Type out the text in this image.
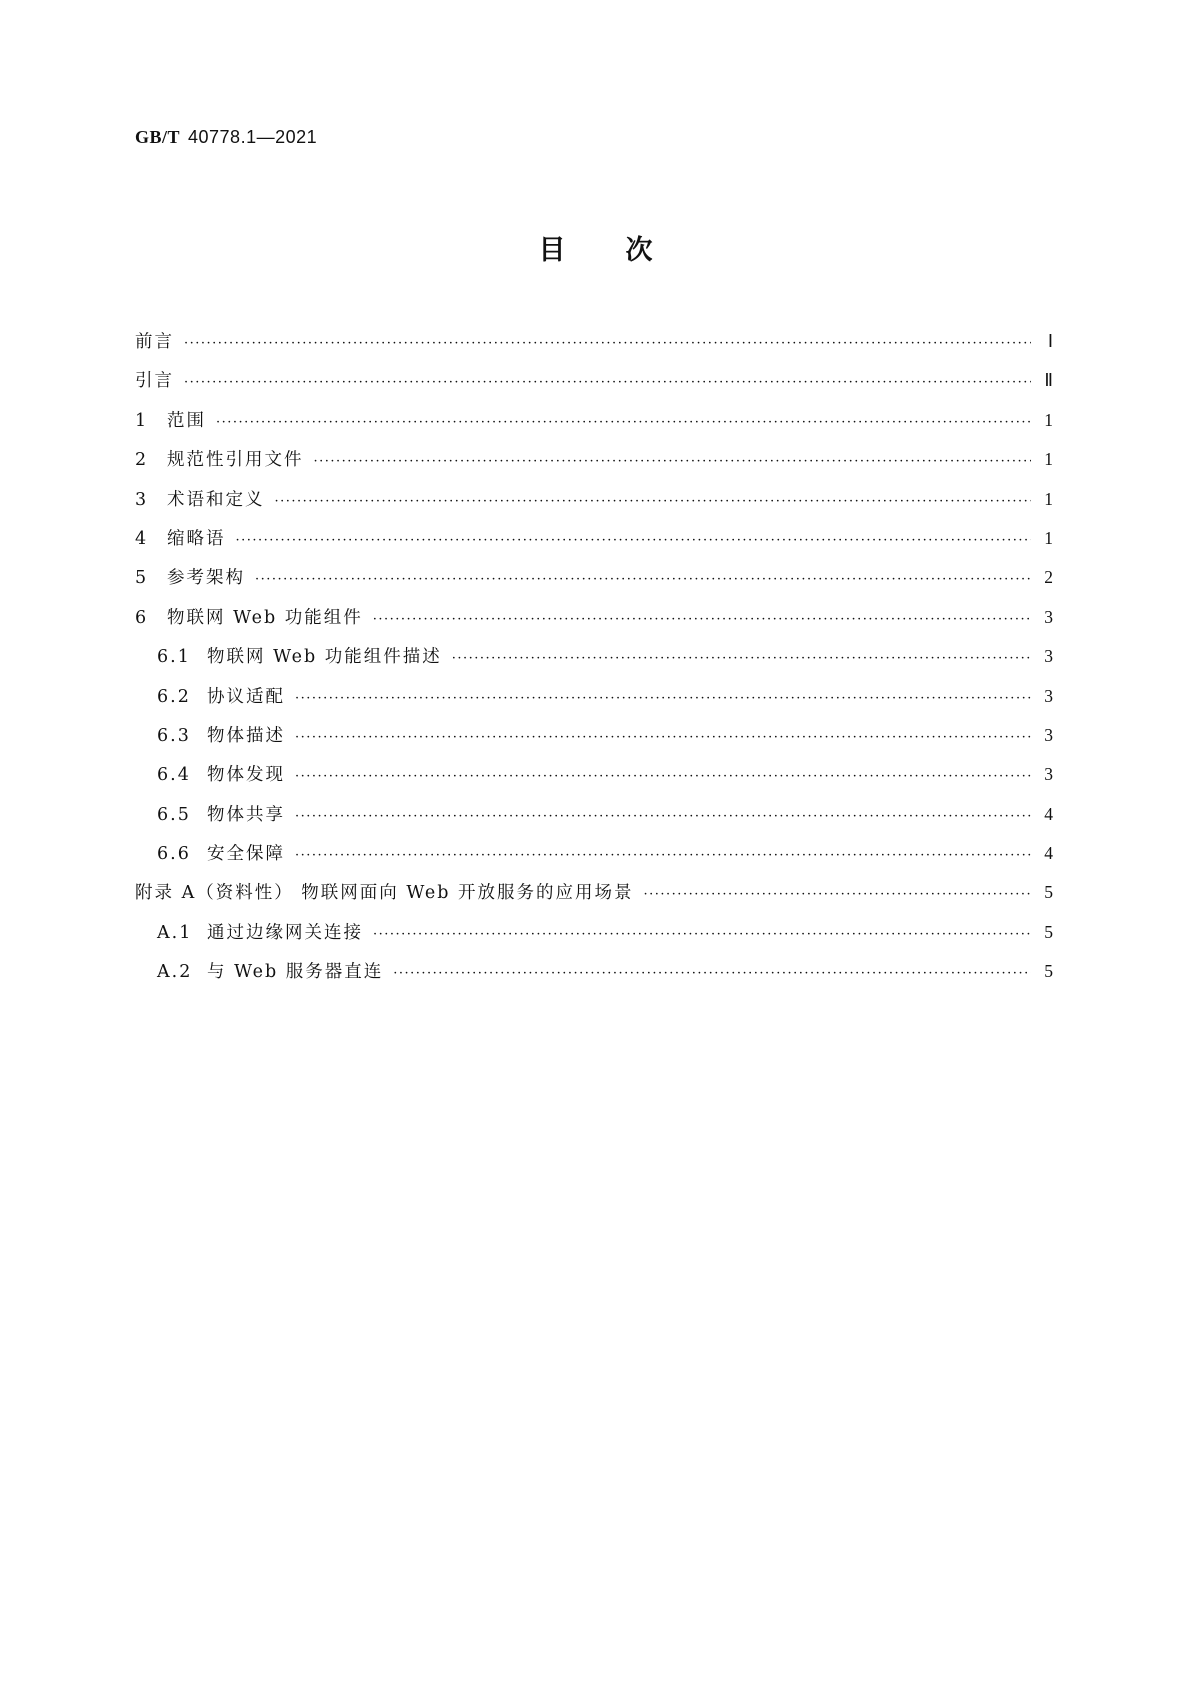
GB/T 40778.1—2021
目次
前言 ·····	Ⅰ
引言 ·····	Ⅱ
1	范围 ·····	1
2	规范性引用文件 ·····	1
3	术语和定义 ·····	1
4	缩略语 ·····	1
5	参考架构 ·····	2
6	物联网 Web 功能组件 ·····	3
6.1 物联网 Web 功能组件描述 ·····	3
6.2 协议适配 ·····	3
6.3 物体描述 ·····	3
6.4 物体发现 ·····	3
6.5 物体共享 ·····	4
6.6 安全保障 ·····	4
附录 A（资料性） 物联网面向 Web 开放服务的应用场景 ·····	5
A.1 通过边缘网关连接 ·····	5
A.2 与 Web 服务器直连 ·····	5
